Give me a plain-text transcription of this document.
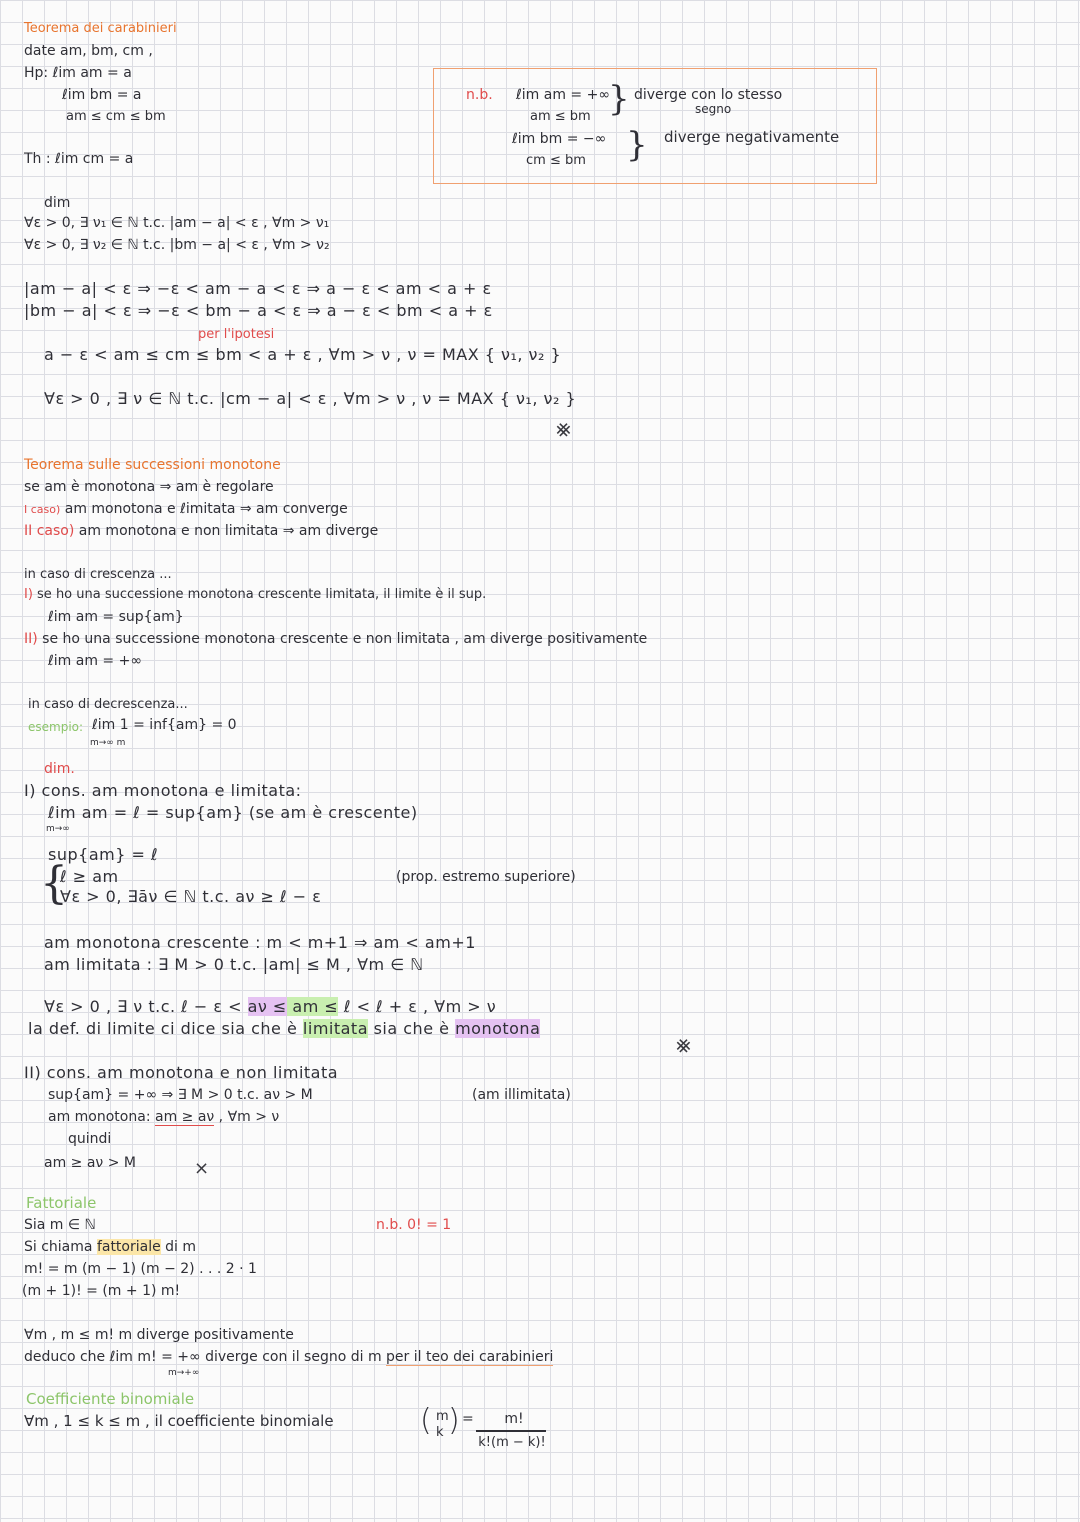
Teorema dei carabinieri
date am, bm, cm ,
Hp: ℓim am = a
ℓim bm = a
am ≤ cm ≤ bm
Th : ℓim cm = a
n.b. ℓim am = +∞
am ≤ bm
ℓim bm = −∞
cm ≤ bm
}
}
diverge con lo stesso
segno
diverge negativamente
dim
∀ε > 0, ∃ ν₁ ∈ ℕ t.c. |am − a| < ε , ∀m > ν₁
∀ε > 0, ∃ ν₂ ∈ ℕ t.c. |bm − a| < ε , ∀m > ν₂
|am − a| < ε ⇒ −ε < am − a < ε ⇒ a − ε < am < a + ε
|bm − a| < ε ⇒ −ε < bm − a < ε ⇒ a − ε < bm < a + ε
per l'ipotesi
a − ε < am ≤ cm ≤ bm < a + ε , ∀m > ν , ν = MAX { ν₁, ν₂ }
∀ε > 0 , ∃ ν ∈ ℕ t.c. |cm − a| < ε , ∀m > ν , ν = MAX { ν₁, ν₂ }
⨳
Teorema sulle successioni monotone
se am è monotona ⇒ am è regolare
I caso) am monotona e ℓimitata ⇒ am converge
II caso) am monotona e non limitata ⇒ am diverge
in caso di crescenza ...
I) se ho una successione monotona crescente limitata, il limite è il sup.
ℓim am = sup{am}
II) se ho una successione monotona crescente e non limitata , am diverge positivamente
ℓim am = +∞
in caso di decrescenza...
esempio: ℓim 1 = inf{am} = 0
m→∞ m
dim.
I) cons. am monotona e limitata:
ℓim am = ℓ = sup{am} (se am è crescente)
m→∞
sup{am} = ℓ
{
ℓ ≥ am
∀ε > 0, ∃āν ∈ ℕ t.c. aν ≥ ℓ − ε
(prop. estremo superiore)
am monotona crescente : m < m+1 ⇒ am < am+1
am limitata : ∃ M > 0 t.c. |am| ≤ M , ∀m ∈ ℕ
∀ε > 0 , ∃ ν t.c. ℓ − ε < aν ≤ am ≤ ℓ < ℓ + ε , ∀m > ν
la def. di limite ci dice sia che è limitata sia che è monotona
⨳
II) cons. am monotona e non limitata
sup{am} = +∞ ⇒ ∃ M > 0 t.c. aν > M	(am illimitata)
am monotona: am ≥ aν , ∀m > ν
quindi
am ≥ aν > M	⨯
Fattoriale
Sia m ∈ ℕ	n.b. 0! = 1
Si chiama fattoriale di m
m! = m (m − 1) (m − 2) . . . 2 · 1
(m + 1)! = (m + 1) m!
∀m , m ≤ m! m diverge positivamente
deduco che ℓim m! = +∞ diverge con il segno di m per il teo dei carabinieri
m→+∞
Coefficiente binomiale
∀m , 1 ≤ k ≤ m , il coefficiente binomiale	( m
k ) =	m!
k!(m − k)!
